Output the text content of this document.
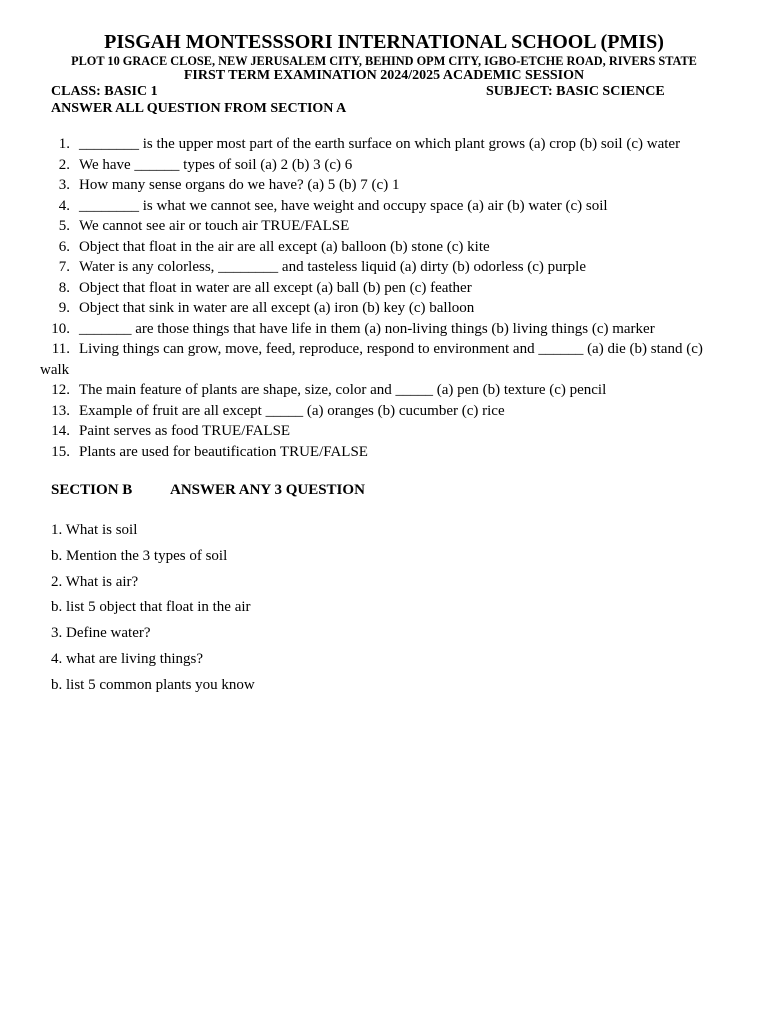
PISGAH MONTESSSORI INTERNATIONAL SCHOOL (PMIS)
PLOT 10 GRACE CLOSE, NEW JERUSALEM CITY, BEHIND OPM CITY, IGBO-ETCHE ROAD, RIVERS STATE
FIRST TERM EXAMINATION 2024/2025 ACADEMIC SESSION
CLASS: BASIC 1	SUBJECT: BASIC SCIENCE
ANSWER ALL QUESTION FROM SECTION A
1. ________ is the upper most part of the earth surface on which plant grows (a) crop (b) soil (c) water
2. We have ______ types of soil (a) 2 (b) 3 (c) 6
3. How many sense organs do we have? (a) 5 (b) 7 (c) 1
4. ________ is what we cannot see, have weight and occupy space (a) air (b) water (c) soil
5. We cannot see air or touch air TRUE/FALSE
6. Object that float in the air are all except (a) balloon (b) stone (c) kite
7. Water is any colorless, ________ and tasteless liquid (a) dirty (b) odorless (c) purple
8. Object that float in water are all except (a) ball (b) pen (c) feather
9. Object that sink in water are all except (a) iron (b) key (c) balloon
10. _______ are those things that have life in them (a) non-living things (b) living things (c) marker
11. Living things can grow, move, feed, reproduce, respond to environment and ______ (a) die (b) stand (c)
walk
12. The main feature of plants are shape, size, color and _____ (a) pen (b) texture (c) pencil
13. Example of fruit are all except _____ (a) oranges (b) cucumber (c) rice
14. Paint serves as food TRUE/FALSE
15. Plants are used for beautification TRUE/FALSE
SECTION B	ANSWER ANY 3 QUESTION
1. What is soil
b. Mention the 3 types of soil
2. What is air?
b. list 5 object that float in the air
3. Define water?
4. what are living things?
b. list 5 common plants you know
